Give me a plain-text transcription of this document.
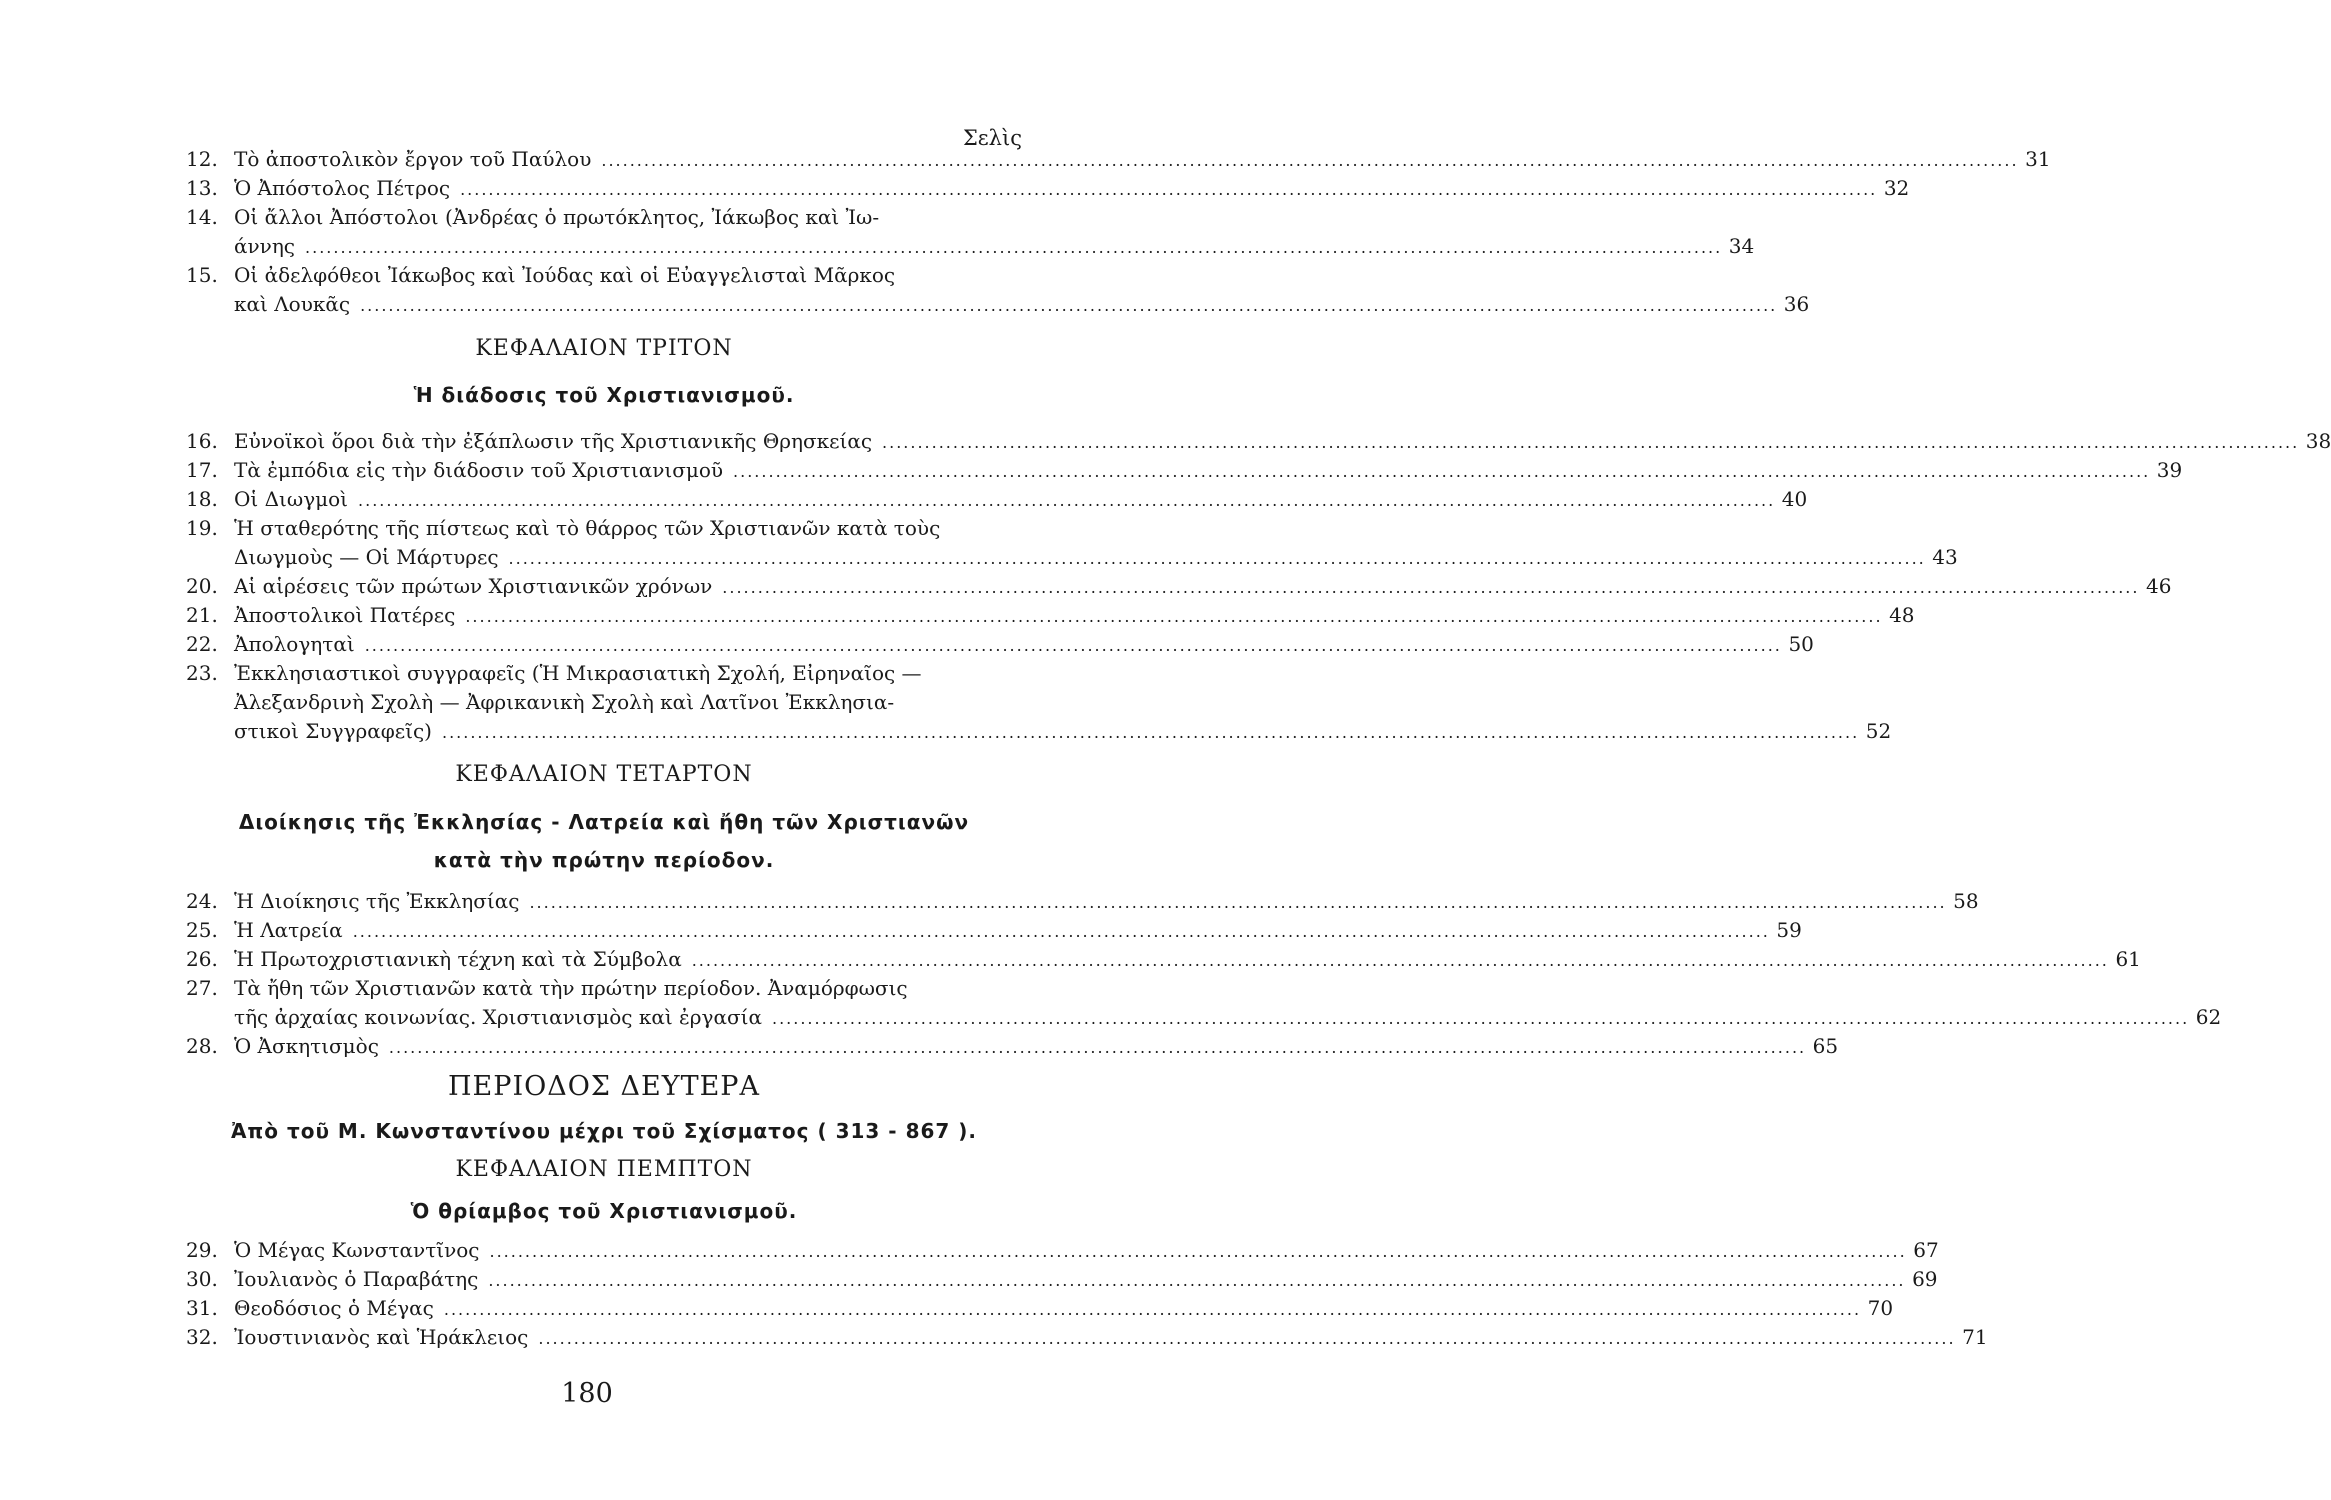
Σελὶς
12. Τὸ ἀποστολικὸν ἔργον τοῦ Παύλου ........................................................................................................................................................................................................ 31
13. Ὁ Ἀπόστολος Πέτρος ........................................................................................................................................................................................................ 32
14. Οἱ ἄλλοι Ἀπόστολοι (Ἀνδρέας ὁ πρωτόκλητος, Ἰάκωβος καὶ Ἰω-
άννης ........................................................................................................................................................................................................ 34
15. Οἱ ἀδελφόθεοι Ἰάκωβος καὶ Ἰούδας καὶ οἱ Εὐαγγελισταὶ Μᾶρκος
καὶ Λουκᾶς ........................................................................................................................................................................................................ 36
ΚΕΦΑΛΑΙΟΝ ΤΡΙΤΟΝ
Ἡ διάδοσις τοῦ Χριστιανισμοῦ.
16. Εὐνοϊκοὶ ὅροι διὰ τὴν ἐξάπλωσιν τῆς Χριστιανικῆς Θρησκείας ........................................................................................................................................................................................................ 38
17. Τὰ ἐμπόδια εἰς τὴν διάδοσιν τοῦ Χριστιανισμοῦ ........................................................................................................................................................................................................ 39
18. Οἱ Διωγμοὶ ........................................................................................................................................................................................................ 40
19. Ἡ σταθερότης τῆς πίστεως καὶ τὸ θάρρος τῶν Χριστιανῶν κατὰ τοὺς
Διωγμοὺς — Οἱ Μάρτυρες ........................................................................................................................................................................................................ 43
20. Αἱ αἱρέσεις τῶν πρώτων Χριστιανικῶν χρόνων ........................................................................................................................................................................................................ 46
21. Ἀποστολικοὶ Πατέρες ........................................................................................................................................................................................................ 48
22. Ἀπολογηταὶ ........................................................................................................................................................................................................ 50
23. Ἐκκλησιαστικοὶ συγγραφεῖς (Ἡ Μικρασιατικὴ Σχολή, Εἰρηναῖος —
Ἀλεξανδρινὴ Σχολὴ — Ἀφρικανικὴ Σχολὴ καὶ Λατῖνοι Ἐκκλησια-
στικοὶ Συγγραφεῖς) ........................................................................................................................................................................................................ 52
ΚΕΦΑΛΑΙΟΝ ΤΕΤΑΡΤΟΝ
Διοίκησις τῆς Ἐκκλησίας - Λατρεία καὶ ἤθη τῶν Χριστιανῶν
κατὰ τὴν πρώτην περίοδον.
24. Ἡ Διοίκησις τῆς Ἐκκλησίας ........................................................................................................................................................................................................ 58
25. Ἡ Λατρεία ........................................................................................................................................................................................................ 59
26. Ἡ Πρωτοχριστιανικὴ τέχνη καὶ τὰ Σύμβολα ........................................................................................................................................................................................................ 61
27. Τὰ ἤθη τῶν Χριστιανῶν κατὰ τὴν πρώτην περίοδον. Ἀναμόρφωσις
τῆς ἀρχαίας κοινωνίας. Χριστιανισμὸς καὶ ἐργασία ........................................................................................................................................................................................................ 62
28. Ὁ Ἀσκητισμὸς ........................................................................................................................................................................................................ 65
ΠΕΡΙΟΔΟΣ ΔΕΥΤΕΡΑ
Ἀπὸ τοῦ Μ. Κωνσταντίνου μέχρι τοῦ Σχίσματος ( 313 - 867 ).
ΚΕΦΑΛΑΙΟΝ ΠΕΜΠΤΟΝ
Ὁ θρίαμβος τοῦ Χριστιανισμοῦ.
29. Ὁ Μέγας Κωνσταντῖνος ........................................................................................................................................................................................................ 67
30. Ἰουλιανὸς ὁ Παραβάτης ........................................................................................................................................................................................................ 69
31. Θεοδόσιος ὁ Μέγας ........................................................................................................................................................................................................ 70
32. Ἰουστινιανὸς καὶ Ἡράκλειος ........................................................................................................................................................................................................ 71
180
